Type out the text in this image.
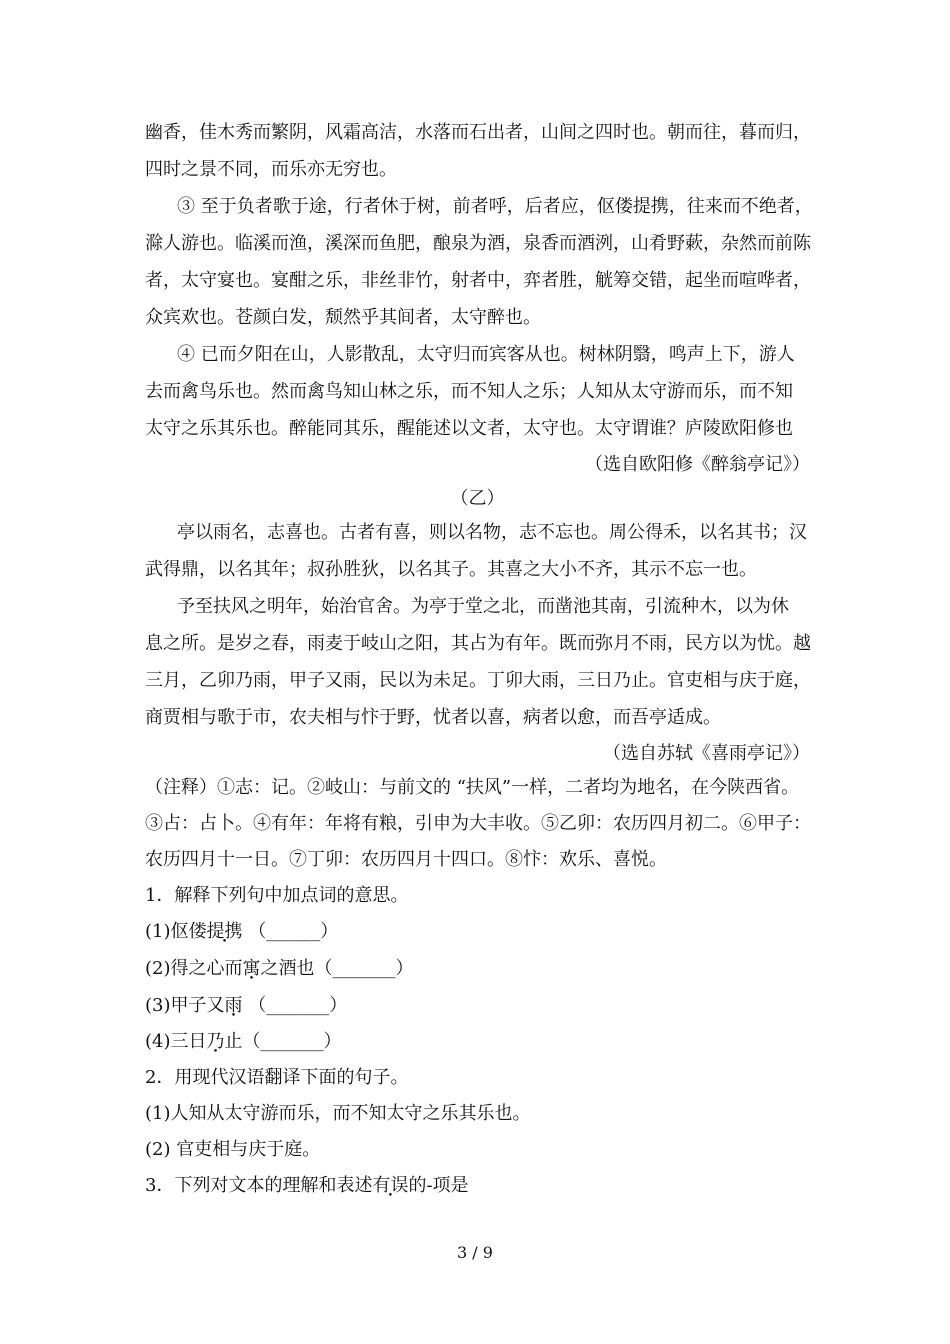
幽香，佳木秀而繁阴，风霜高洁，水落而石出者，山间之四时也。朝而往，暮而归，
四时之景不同，而乐亦无穷也。
③ 至于负者歌于途，行者休于树，前者呼，后者应，伛偻提携，往来而不绝者，
滁人游也。临溪而渔，溪深而鱼肥，酿泉为酒，泉香而酒洌，山肴野蔌，杂然而前陈
者，太守宴也。宴酣之乐，非丝非竹，射者中，弈者胜，觥筹交错，起坐而喧哗者，
众宾欢也。苍颜白发，颓然乎其间者，太守醉也。
④ 已而夕阳在山，人影散乱，太守归而宾客从也。树林阴翳，鸣声上下，游人
去而禽鸟乐也。然而禽鸟知山林之乐，而不知人之乐；人知从太守游而乐，而不知
太守之乐其乐也。醉能同其乐，醒能述以文者，太守也。太守谓谁？庐陵欧阳修也
（选自欧阳修《醉翁亭记》）
（乙）
亭以雨名，志喜也。古者有喜，则以名物，志不忘也。周公得禾，以名其书；汉
武得鼎，以名其年；叔孙胜狄，以名其子。其喜之大小不齐，其示不忘一也。
予至扶风之明年，始治官舍。为亭于堂之北，而凿池其南，引流种木，以为休
息之所。是岁之春，雨麦于岐山之阳，其占为有年。既而弥月不雨，民方以为忧。越
三月，乙卯乃雨，甲子又雨，民以为未足。丁卯大雨，三日乃止。官吏相与庆于庭，
商贾相与歌于市，农夫相与忭于野，忧者以喜，病者以愈，而吾亭适成。
（选自苏轼《喜雨亭记》）
（注释）①志：记。②岐山：与前文的 “扶风”一样，二者均为地名，在今陕西省。
③占：占卜。④有年：年将有粮，引申为大丰收。⑤乙卯：农历四月初二。⑥甲子：
农历四月十一日。⑦丁卯：农历四月十四口。⑧忭：欢乐、喜悦。
1．解释下列句中加点词的意思。
(1)伛偻提携 （______）
(2)得之心而寓之酒也（_______）
(3)甲子又雨 （_______）
(4)三日乃止（_______）
2．用现代汉语翻译下面的句子。
(1)人知从太守游而乐，而不知太守之乐其乐也。
(2) 官吏相与庆于庭。
3．下列对文本的理解和表述有误的-项是
3 / 9
